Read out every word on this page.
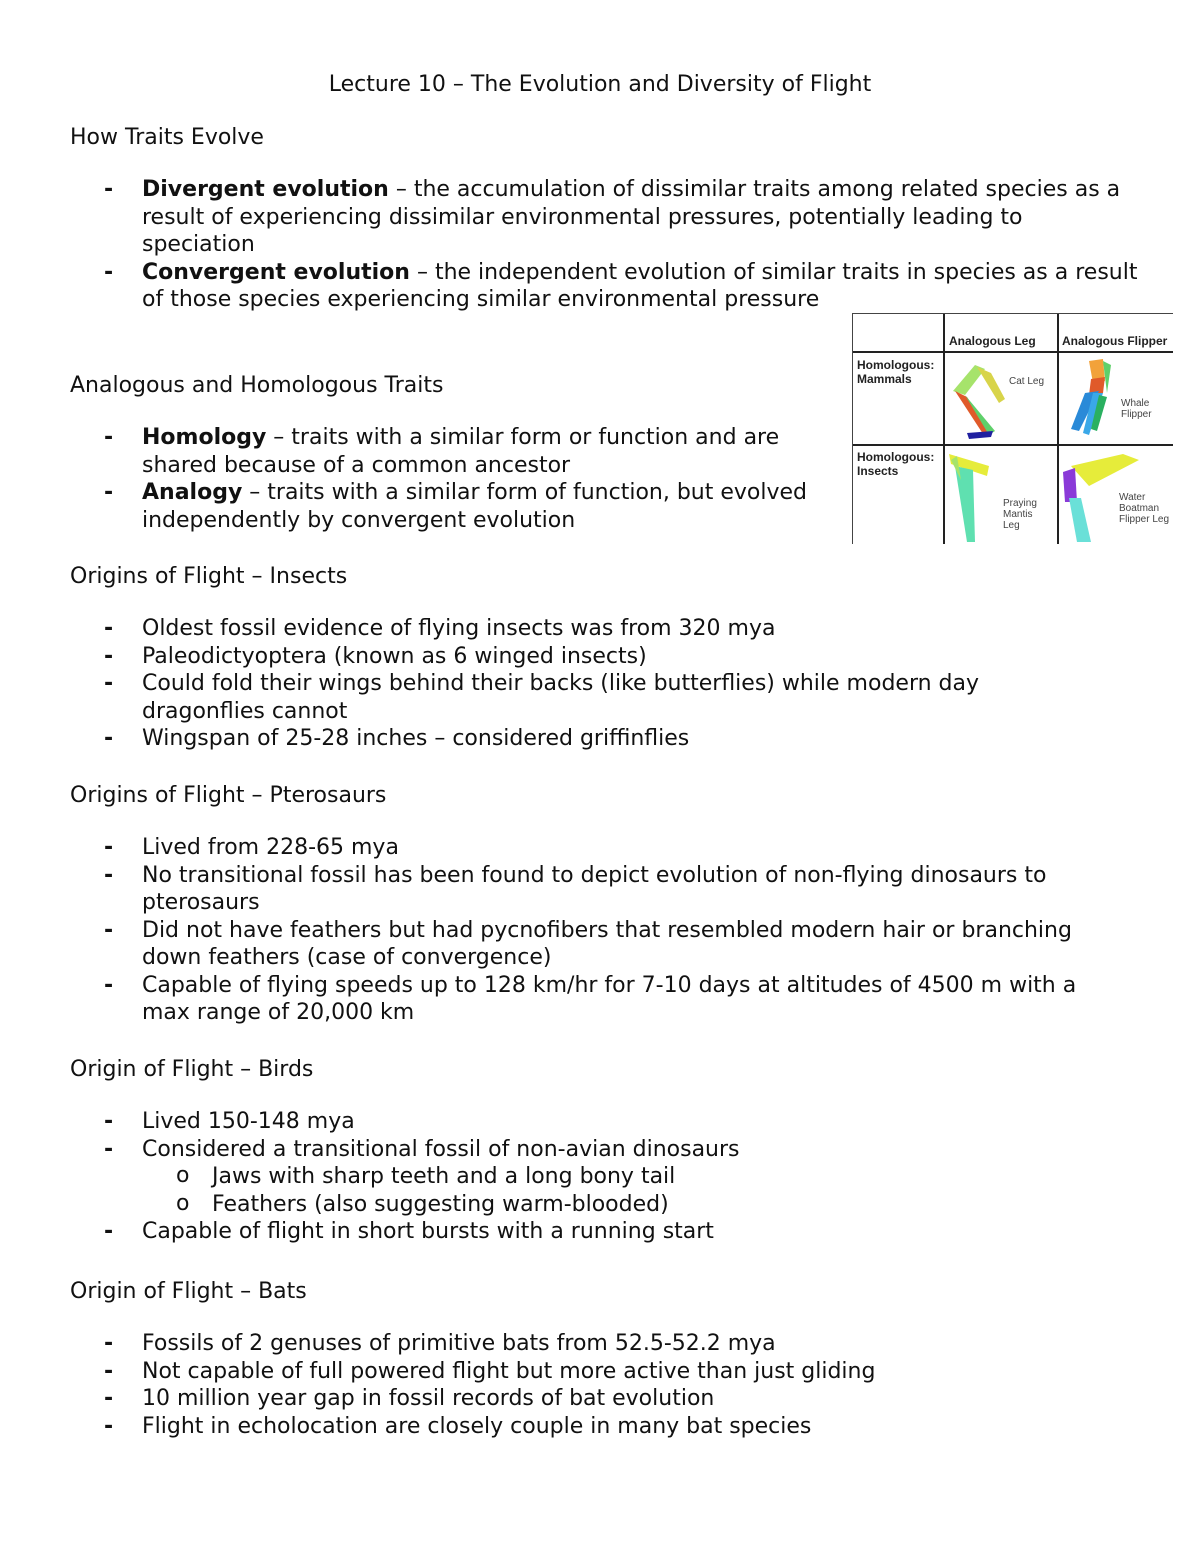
Lecture 10 – The Evolution and Diversity of Flight
How Traits Evolve
- Divergent evolution – the accumulation of dissimilar traits among related species as a result of experiencing dissimilar environmental pressures, potentially leading to speciation
- Convergent evolution – the independent evolution of similar traits in species as a result of those species experiencing similar environmental pressure
Analogous and Homologous Traits
- Homology – traits with a similar form or function and are shared because of a common ancestor
- Analogy – traits with a similar form of function, but evolved independently by convergent evolution
Analogous Leg Analogous Flipper
Homologous: Mammals
Homologous: Insects
Cat Leg
Whale Flipper
Praying Mantis Leg
Water Boatman Flipper Leg
Origins of Flight – Insects
- Oldest fossil evidence of flying insects was from 320 mya
- Paleodictyoptera (known as 6 winged insects)
- Could fold their wings behind their backs (like butterflies) while modern day dragonflies cannot
- Wingspan of 25-28 inches – considered griffinflies
Origins of Flight – Pterosaurs
- Lived from 228-65 mya
- No transitional fossil has been found to depict evolution of non-flying dinosaurs to pterosaurs
- Did not have feathers but had pycnofibers that resembled modern hair or branching down feathers (case of convergence)
- Capable of flying speeds up to 128 km/hr for 7-10 days at altitudes of 4500 m with a max range of 20,000 km
Origin of Flight – Birds
- Lived 150-148 mya
- Considered a transitional fossil of non-avian dinosaurs
o Jaws with sharp teeth and a long bony tail
o Feathers (also suggesting warm-blooded)
- Capable of flight in short bursts with a running start
Origin of Flight – Bats
- Fossils of 2 genuses of primitive bats from 52.5-52.2 mya
- Not capable of full powered flight but more active than just gliding
- 10 million year gap in fossil records of bat evolution
- Flight in echolocation are closely couple in many bat species
